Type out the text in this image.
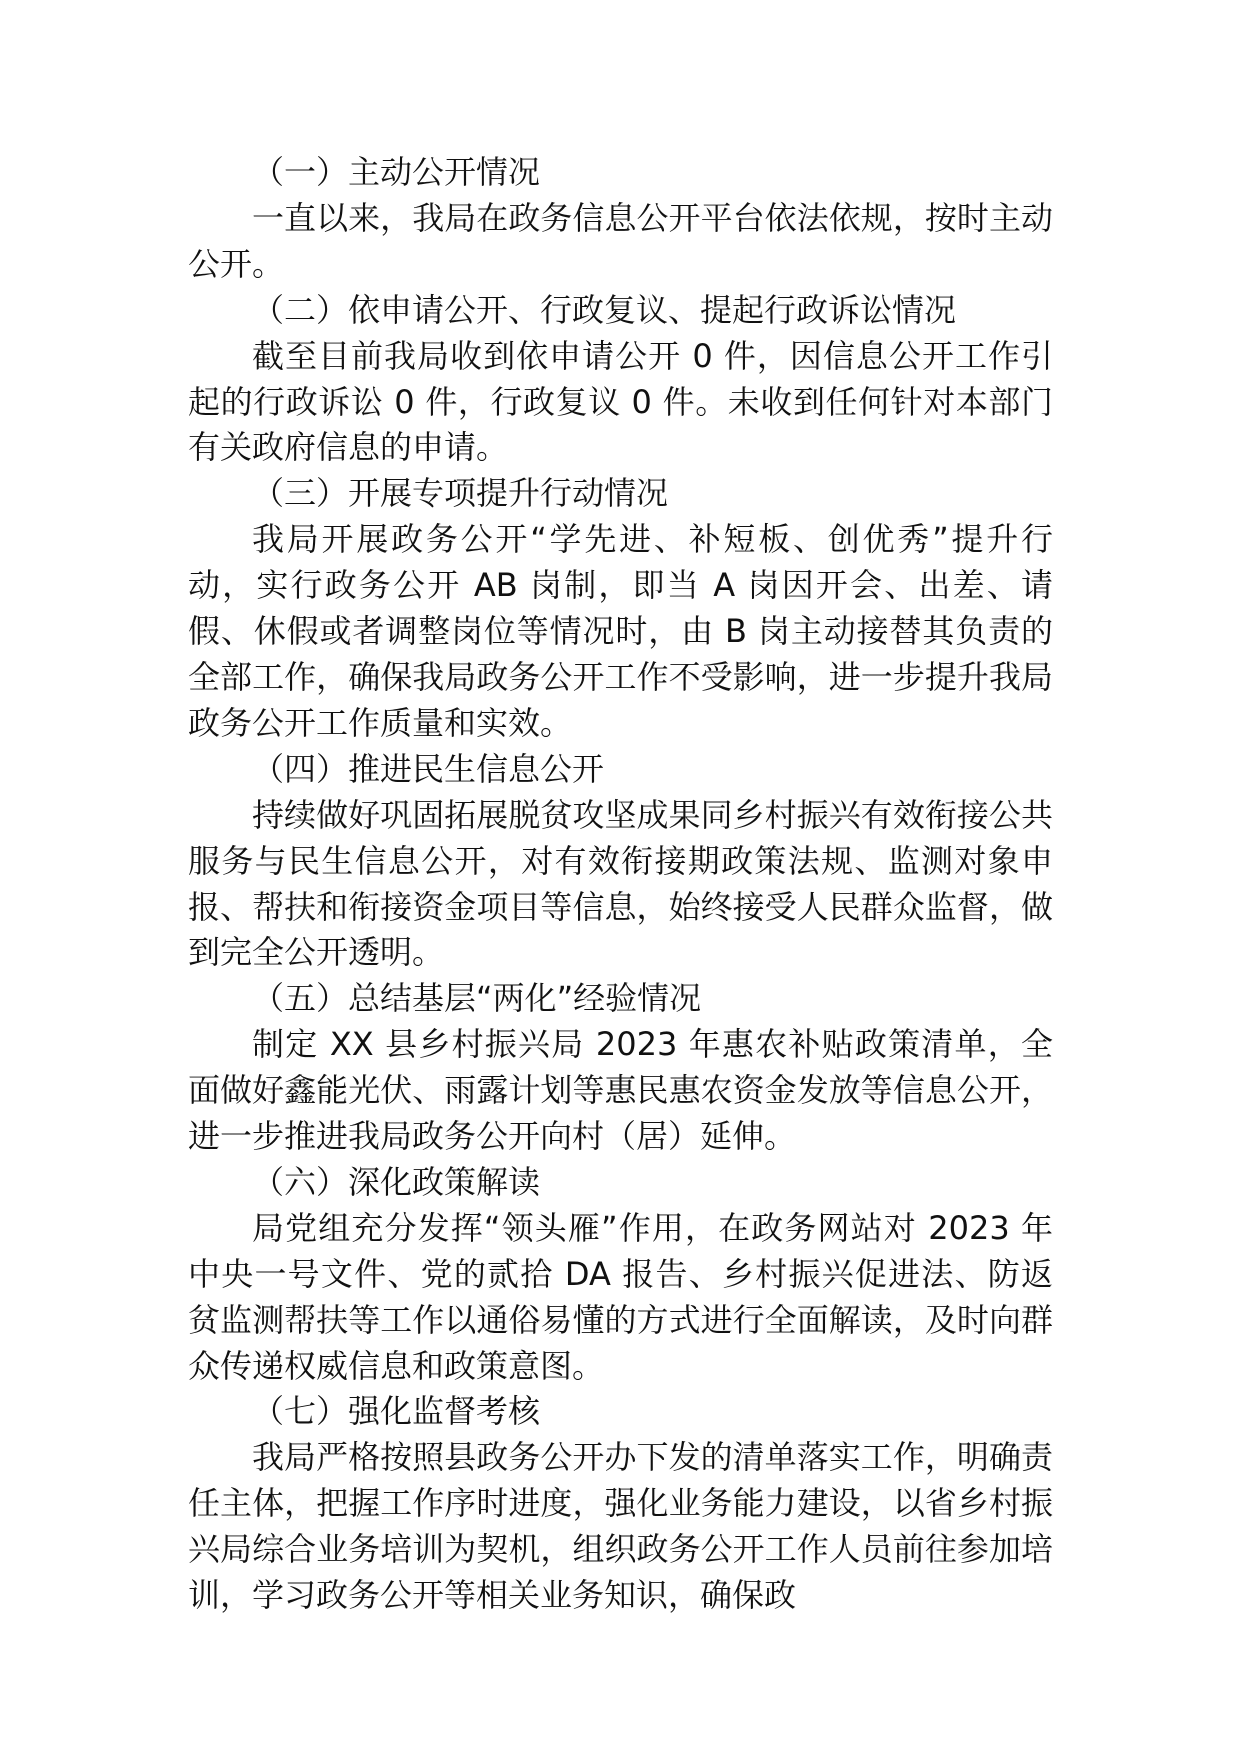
（一）主动公开情况

一直以来，我局在政务信息公开平台依法依规，按时主动公开。

（二）依申请公开、行政复议、提起行政诉讼情况

截至目前我局收到依申请公开 0 件，因信息公开工作引起的行政诉讼 0 件，行政复议 0 件。未收到任何针对本部门有关政府信息的申请。

（三）开展专项提升行动情况

我局开展政务公开“学先进、补短板、创优秀”提升行动，实行政务公开 AB 岗制，即当 A 岗因开会、出差、请假、休假或者调整岗位等情况时，由 B 岗主动接替其负责的全部工作，确保我局政务公开工作不受影响，进一步提升我局政务公开工作质量和实效。

（四）推进民生信息公开

持续做好巩固拓展脱贫攻坚成果同乡村振兴有效衔接公共服务与民生信息公开，对有效衔接期政策法规、监测对象申报、帮扶和衔接资金项目等信息，始终接受人民群众监督，做到完全公开透明。

（五）总结基层“两化”经验情况

制定 XX 县乡村振兴局 2023 年惠农补贴政策清单，全面做好鑫能光伏、雨露计划等惠民惠农资金发放等信息公开，进一步推进我局政务公开向村（居）延伸。

（六）深化政策解读

局党组充分发挥“领头雁”作用，在政务网站对 2023 年中央一号文件、党的贰拾 DA 报告、乡村振兴促进法、防返贫监测帮扶等工作以通俗易懂的方式进行全面解读，及时向群众传递权威信息和政策意图。

（七）强化监督考核

我局严格按照县政务公开办下发的清单落实工作，明确责任主体，把握工作序时进度，强化业务能力建设，以省乡村振兴局综合业务培训为契机，组织政务公开工作人员前往参加培训，学习政务公开等相关业务知识，确保政
